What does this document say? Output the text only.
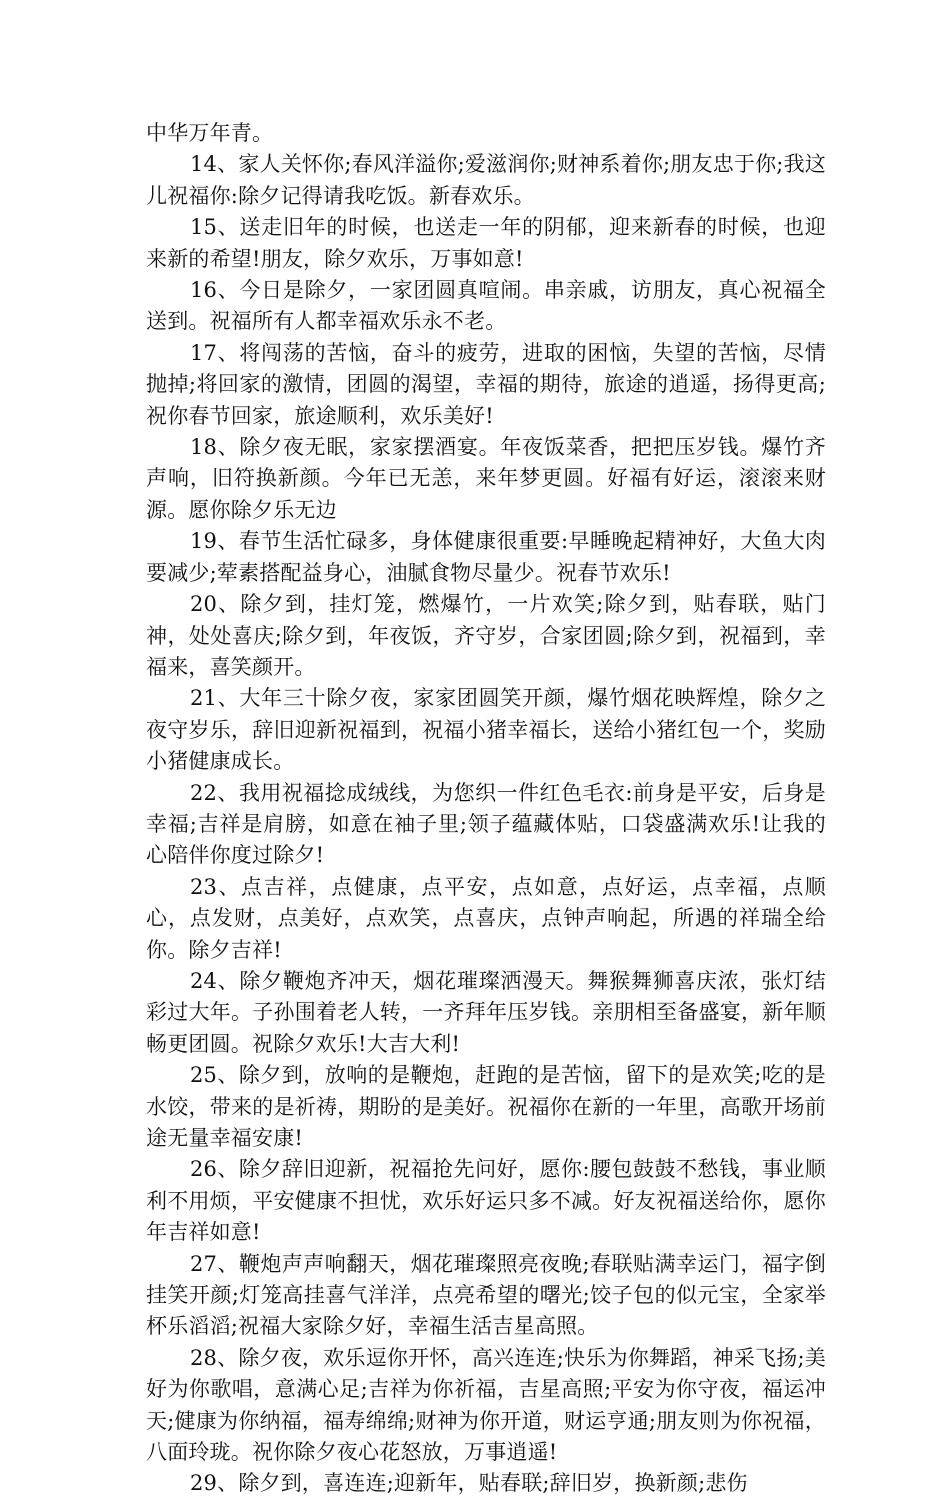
中华万年青。

14、家人关怀你;春风洋溢你;爱滋润你;财神系着你;朋友忠于你;我这儿祝福你:除夕记得请我吃饭。新春欢乐。

15、送走旧年的时候，也送走一年的阴郁，迎来新春的时候，也迎来新的希望!朋友，除夕欢乐，万事如意!

16、今日是除夕，一家团圆真喧闹。串亲戚，访朋友，真心祝福全送到。祝福所有人都幸福欢乐永不老。

17、将闯荡的苦恼，奋斗的疲劳，进取的困恼，失望的苦恼，尽情抛掉;将回家的激情，团圆的渴望，幸福的期待，旅途的逍遥，扬得更高;祝你春节回家，旅途顺利，欢乐美好!

18、除夕夜无眠，家家摆酒宴。年夜饭菜香，把把压岁钱。爆竹齐声响，旧符换新颜。今年已无恙，来年梦更圆。好福有好运，滚滚来财源。愿你除夕乐无边

19、春节生活忙碌多，身体健康很重要:早睡晚起精神好，大鱼大肉要减少;荤素搭配益身心，油腻食物尽量少。祝春节欢乐!

20、除夕到，挂灯笼，燃爆竹，一片欢笑;除夕到，贴春联，贴门神，处处喜庆;除夕到，年夜饭，齐守岁，合家团圆;除夕到，祝福到，幸福来，喜笑颜开。

21、大年三十除夕夜，家家团圆笑开颜，爆竹烟花映辉煌，除夕之夜守岁乐，辞旧迎新祝福到，祝福小猪幸福长，送给小猪红包一个，奖励小猪健康成长。

22、我用祝福捻成绒线，为您织一件红色毛衣:前身是平安，后身是幸福;吉祥是肩膀，如意在袖子里;领子蕴藏体贴，口袋盛满欢乐!让我的心陪伴你度过除夕!

23、点吉祥，点健康，点平安，点如意，点好运，点幸福，点顺心，点发财，点美好，点欢笑，点喜庆，点钟声响起，所遇的祥瑞全给你。除夕吉祥!

24、除夕鞭炮齐冲天，烟花璀璨洒漫天。舞猴舞狮喜庆浓，张灯结彩过大年。子孙围着老人转，一齐拜年压岁钱。亲朋相至备盛宴，新年顺畅更团圆。祝除夕欢乐!大吉大利!

25、除夕到，放响的是鞭炮，赶跑的是苦恼，留下的是欢笑;吃的是水饺，带来的是祈祷，期盼的是美好。祝福你在新的一年里，高歌开场前途无量幸福安康!

26、除夕辞旧迎新，祝福抢先问好，愿你:腰包鼓鼓不愁钱，事业顺利不用烦，平安健康不担忧，欢乐好运只多不减。好友祝福送给你，愿你年吉祥如意!

27、鞭炮声声响翻天，烟花璀璨照亮夜晚;春联贴满幸运门，福字倒挂笑开颜;灯笼高挂喜气洋洋，点亮希望的曙光;饺子包的似元宝，全家举杯乐滔滔;祝福大家除夕好，幸福生活吉星高照。

28、除夕夜，欢乐逗你开怀，高兴连连;快乐为你舞蹈，神采飞扬;美好为你歌唱，意满心足;吉祥为你祈福，吉星高照;平安为你守夜，福运冲天;健康为你纳福，福寿绵绵;财神为你开道，财运亨通;朋友则为你祝福，八面玲珑。祝你除夕夜心花怒放，万事逍遥!

29、除夕到，喜连连;迎新年，贴春联;辞旧岁，换新颜;悲伤
